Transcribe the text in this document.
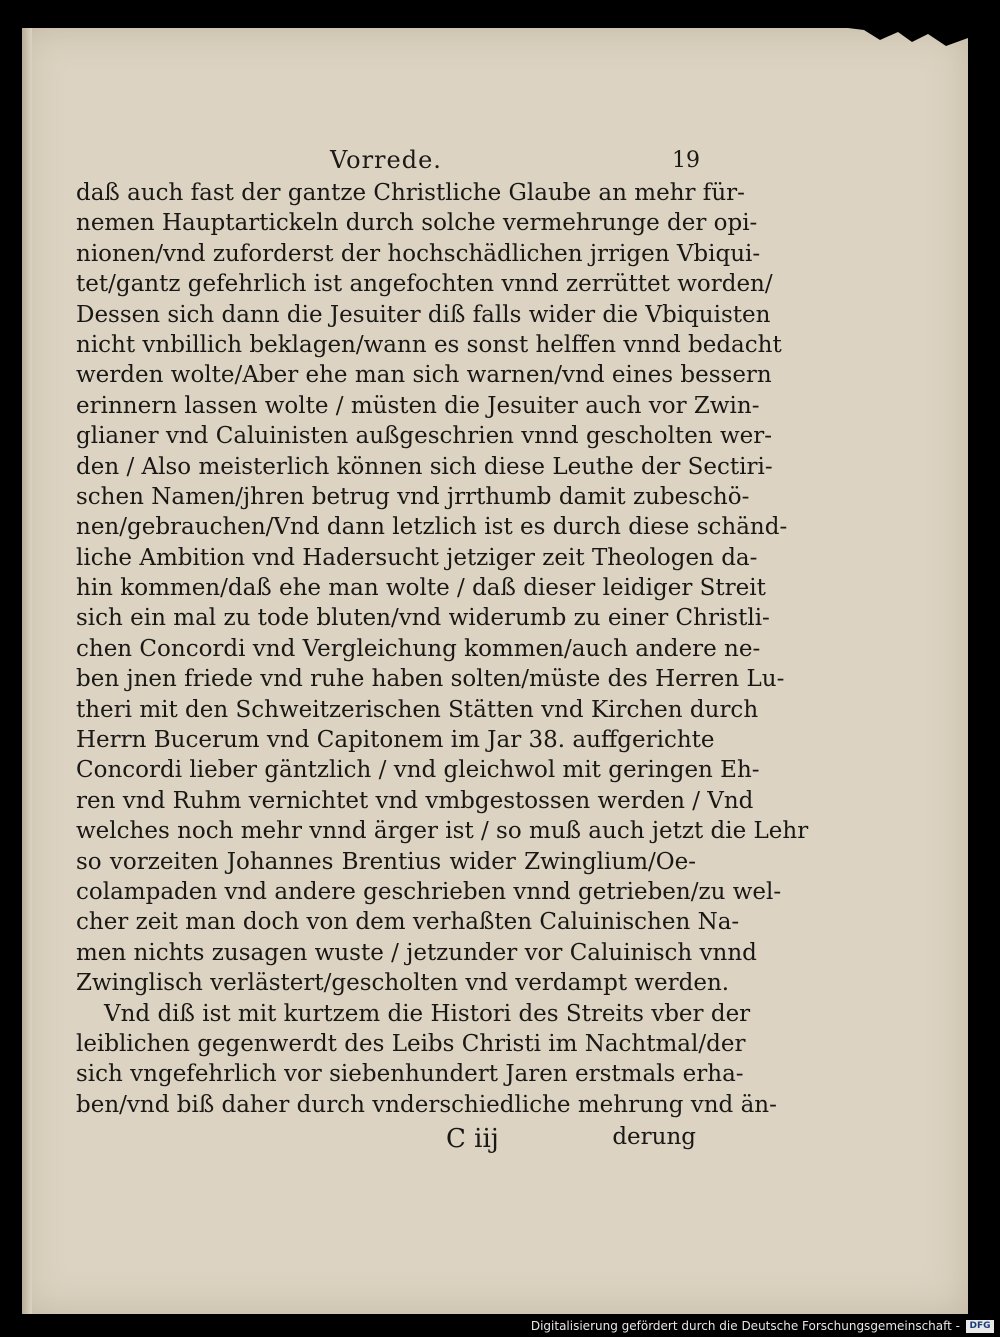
Vorrede.	19
daß auch fast der gantze Christliche Glaube an mehr für-
nemen Hauptartickeln durch solche vermehrunge der opi-
nionen/vnd zuforderst der hochschädlichen jrrigen Vbiqui-
tet/gantz gefehrlich ist angefochten vnnd zerrüttet worden/
Dessen sich dann die Jesuiter diß falls wider die Vbiquisten
nicht vnbillich beklagen/wann es sonst helffen vnnd bedacht
werden wolte/Aber ehe man sich warnen/vnd eines bessern
erinnern lassen wolte / müsten die Jesuiter auch vor Zwin-
glianer vnd Caluinisten außgeschrien vnnd gescholten wer-
den / Also meisterlich können sich diese Leuthe der Sectiri-
schen Namen/jhren betrug vnd jrrthumb damit zubeschö-
nen/gebrauchen/Vnd dann letzlich ist es durch diese schänd-
liche Ambition vnd Hadersucht jetziger zeit Theologen da-
hin kommen/daß ehe man wolte / daß dieser leidiger Streit
sich ein mal zu tode bluten/vnd widerumb zu einer Christli-
chen Concordi vnd Vergleichung kommen/auch andere ne-
ben jnen friede vnd ruhe haben solten/müste des Herren Lu-
theri mit den Schweitzerischen Stätten vnd Kirchen durch
Herrn Bucerum vnd Capitonem im Jar 38. auffgerichte
Concordi lieber gäntzlich / vnd gleichwol mit geringen Eh-
ren vnd Ruhm vernichtet vnd vmbgestossen werden / Vnd
welches noch mehr vnnd ärger ist / so muß auch jetzt die Lehr
so vorzeiten Johannes Brentius wider Zwinglium/Oe-
colampaden vnd andere geschrieben vnnd getrieben/zu wel-
cher zeit man doch von dem verhaßten Caluinischen Na-
men nichts zusagen wuste / jetzunder vor Caluinisch vnnd
Zwinglisch verlästert/gescholten vnd verdampt werden.
Vnd diß ist mit kurtzem die Histori des Streits vber der
leiblichen gegenwerdt des Leibs Christi im Nachtmal/der
sich vngefehrlich vor siebenhundert Jaren erstmals erha-
ben/vnd biß daher durch vnderschiedliche mehrung vnd än-
C iij	derung
Digitalisierung gefördert durch die Deutsche Forschungsgemeinschaft -	DFG
